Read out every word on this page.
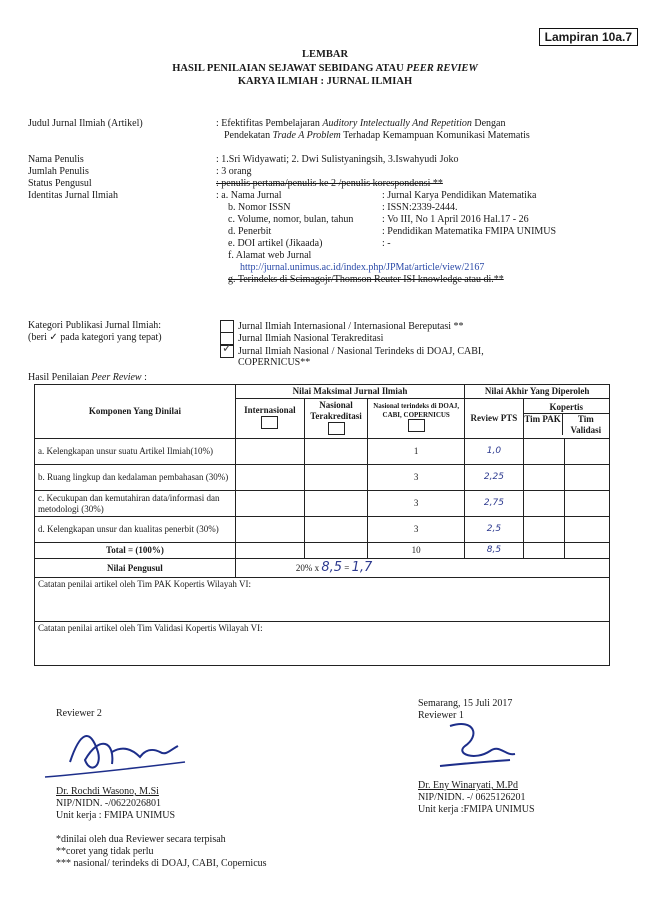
Lampiran 10a.7
LEMBAR
HASIL PENILAIAN SEJAWAT SEBIDANG ATAU PEER REVIEW
KARYA ILMIAH : JURNAL ILMIAH
Judul Jurnal Ilmiah (Artikel)	: Efektifitas Pembelajaran Auditory Intelectually And Repetition Dengan
Pendekatan Trade A Problem Terhadap Kemampuan Komunikasi Matematis
Nama Penulis	: 1.Sri Widyawati; 2. Dwi Sulistyaningsih, 3.Iswahyudi Joko
Jumlah Penulis	: 3 orang
Status Pengusul	: penulis pertama/penulis ke 2 /penulis korespondensi **
Identitas Jurnal Ilmiah	: a. Nama Jurnal	: Jurnal Karya Pendidikan Matematika
b. Nomor ISSN	: ISSN:2339-2444.
c. Volume, nomor, bulan, tahun	: Vo III, No 1 April 2016 Hal.17 - 26
d. Penerbit	: Pendidikan Matematika FMIPA UNIMUS
e. DOI artikel (Jikaada)	: -
f. Alamat web Jurnal
http://jurnal.unimus.ac.id/index.php/JPMat/article/view/2167
g. Terindeks di Scimagojr/Thomson Reuter ISI knowledge atau di.**
Kategori Publikasi Jurnal Ilmiah:	Jurnal Ilmiah Internasional / Internasional Bereputasi **
(beri ✓ pada kategori yang tepat)	Jurnal Ilmiah Nasional Terakreditasi
✓ Jurnal Ilmiah Nasional / Nasional Terindeks di DOAJ, CABI,
COPERNICUS**
Hasil Penilaian Peer Review :
Komponen Yang Dinilai	Nilai Maksimal Jurnal Ilmiah			Nilai Akhir Yang Diperoleh		

	Internasional	Nasional Terakreditasi	Nasional terindeks di DOAJ, CABI, COPERNICUS	Review PTS	Kopertis
Tim PAK Tim Validasi	

a. Kelengkapan unsur suatu Artikel Ilmiah(10%)			1	1,0		
b. Ruang lingkup dan kedalaman pembahasan (30%)			3	2,25		
c. Kecukupan dan kemutahiran data/informasi dan metodologi (30%)			3	2,75		
d. Kelengkapan unsur dan kualitas penerbit (30%)			3	2,5		
Total = (100%)			10	8,5		
Nilai Pengusul	20% x 8,5 = 1,7					
Catatan penilai artikel oleh Tim PAK Kopertis Wilayah VI:						
Catatan penilai artikel oleh Tim Validasi Kopertis Wilayah VI:						
Reviewer 2
Dr. Rochdi Wasono, M.Si
NIP/NIDN. -/0622026801
Unit kerja : FMIPA UNIMUS
Semarang, 15 Juli 2017
Reviewer 1
Dr. Eny Winaryati, M.Pd
NIP/NIDN. -/ 0625126201
Unit kerja :FMIPA UNIMUS
*dinilai oleh dua Reviewer secara terpisah
**coret yang tidak perlu
*** nasional/ terindeks di DOAJ, CABI, Copernicus
